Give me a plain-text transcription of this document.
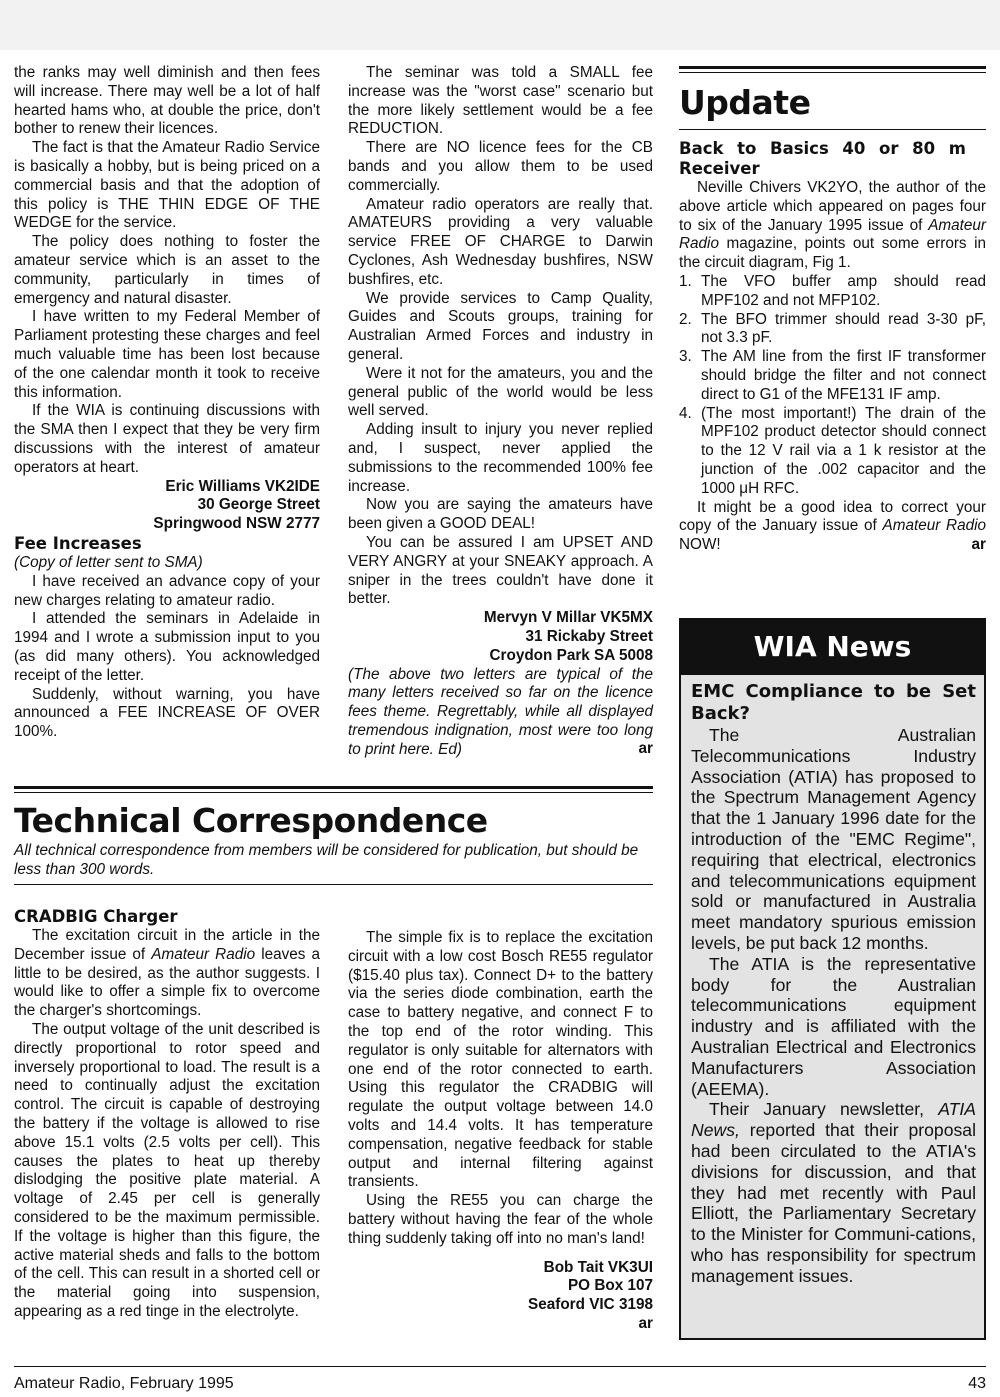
the ranks may well diminish and then fees will increase. There may well be a lot of half hearted hams who, at double the price, don't bother to renew their licences.

The fact is that the Amateur Radio Service is basically a hobby, but is being priced on a commercial basis and that the adoption of this policy is THE THIN EDGE OF THE WEDGE for the service.

The policy does nothing to foster the amateur service which is an asset to the community, particularly in times of emergency and natural disaster.

I have written to my Federal Member of Parliament protesting these charges and feel much valuable time has been lost because of the one calendar month it took to receive this information.

If the WIA is continuing discussions with the SMA then I expect that they be very firm discussions with the interest of amateur operators at heart.

Eric Williams VK2IDE
30 George Street
Springwood NSW 2777
Fee Increases

(Copy of letter sent to SMA)

I have received an advance copy of your new charges relating to amateur radio.

I attended the seminars in Adelaide in 1994 and I wrote a submission input to you (as did many others). You acknowledged receipt of the letter.

Suddenly, without warning, you have announced a FEE INCREASE OF OVER 100%.

The seminar was told a SMALL fee increase was the "worst case" scenario but the more likely settlement would be a fee REDUCTION.

There are NO licence fees for the CB bands and you allow them to be used commercially.

Amateur radio operators are really that. AMATEURS providing a very valuable service FREE OF CHARGE to Darwin Cyclones, Ash Wednesday bushfires, NSW bushfires, etc.

We provide services to Camp Quality, Guides and Scouts groups, training for Australian Armed Forces and industry in general.

Were it not for the amateurs, you and the general public of the world would be less well served.

Adding insult to injury you never replied and, I suspect, never applied the submissions to the recommended 100% fee increase.

Now you are saying the amateurs have been given a GOOD DEAL!

You can be assured I am UPSET AND VERY ANGRY at your SNEAKY approach. A sniper in the trees couldn't have done it better.

Mervyn V Millar VK5MX
31 Rickaby Street
Croydon Park SA 5008

(The above two letters are typical of the many letters received so far on the licence fees theme. Regrettably, while all displayed tremendous indignation, most were too long to print here. Ed)	ar
Update
Back to Basics 40 or 80 m Receiver

Neville Chivers VK2YO, the author of the above article which appeared on pages four to six of the January 1995 issue of Amateur Radio magazine, points out some errors in the circuit diagram, Fig 1.

1. The VFO buffer amp should read MPF102 and not MFP102.
2. The BFO trimmer should read 3-30 pF, not 3.3 pF.
3. The AM line from the first IF transformer should bridge the filter and not connect direct to G1 of the MFE131 IF amp.
4. (The most important!) The drain of the MPF102 product detector should connect to the 12 V rail via a 1 k resistor at the junction of the .002 capacitor and the 1000 μH RFC.

It might be a good idea to correct your copy of the January issue of Amateur Radio NOW!	ar
WIA News
EMC Compliance to be Set Back?

The Australian Telecommunications Industry Association (ATIA) has proposed to the Spectrum Management Agency that the 1 January 1996 date for the introduction of the "EMC Regime", requiring that electrical, electronics and telecommunications equipment sold or manufactured in Australia meet mandatory spurious emission levels, be put back 12 months.

The ATIA is the representative body for the Australian telecommunications equipment industry and is affiliated with the Australian Electrical and Electronics Manufacturers Association (AEEMA).

Their January newsletter, ATIA News, reported that their proposal had been circulated to the ATIA's divisions for discussion, and that they had met recently with Paul Elliott, the Parliamentary Secretary to the Minister for Communi-cations, who has responsibility for spectrum management issues.

Technical Correspondence
All technical correspondence from members will be considered for publication, but should be less than 300 words.
CRADBIG Charger

The excitation circuit in the article in the December issue of Amateur Radio leaves a little to be desired, as the author suggests. I would like to offer a simple fix to overcome the charger's shortcomings.

The output voltage of the unit described is directly proportional to rotor speed and inversely proportional to load. The result is a need to continually adjust the excitation control. The circuit is capable of destroying the battery if the voltage is allowed to rise above 15.1 volts (2.5 volts per cell). This causes the plates to heat up thereby dislodging the positive plate material. A voltage of 2.45 per cell is generally considered to be the maximum permissible. If the voltage is higher than this figure, the active material sheds and falls to the bottom of the cell. This can result in a shorted cell or the material going into suspension, appearing as a red tinge in the electrolyte.

The simple fix is to replace the excitation circuit with a low cost Bosch RE55 regulator ($15.40 plus tax). Connect D+ to the battery via the series diode combination, earth the case to battery negative, and connect F to the top end of the rotor winding. This regulator is only suitable for alternators with one end of the rotor connected to earth. Using this regulator the CRADBIG will regulate the output voltage between 14.0 volts and 14.4 volts. It has temperature compensation, negative feedback for stable output and internal filtering against transients.

Using the RE55 you can charge the battery without having the fear of the whole thing suddenly taking off into no man's land!

Bob Tait VK3UI
PO Box 107
Seaford VIC 3198
ar
Amateur Radio, February 1995	43
